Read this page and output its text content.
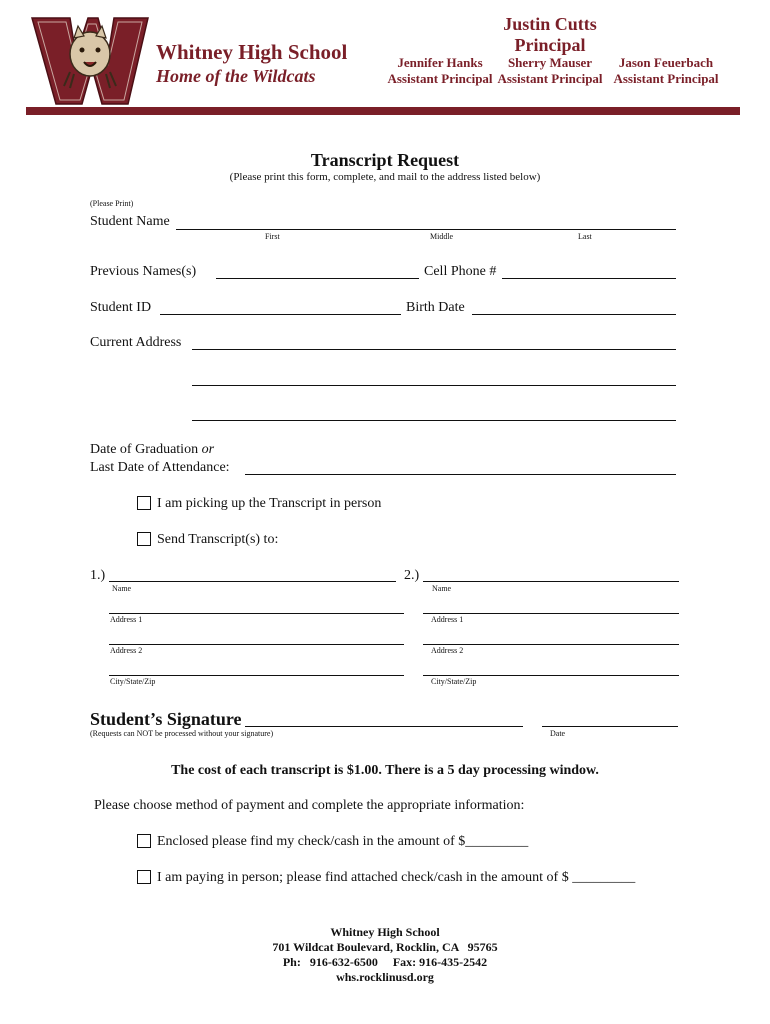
Whitney High School
Home of the Wildcats
Justin Cutts
Principal
Jennifer Hanks
Assistant Principal
Sherry Mauser
Assistant Principal
Jason Feuerbach
Assistant Principal
Transcript Request
(Please print this form, complete, and mail to the address listed below)
(Please Print)
Student Name
First	Middle	Last
Previous Names(s)	Cell Phone #
Student ID	Birth Date
Current Address
Date of Graduation or
Last Date of Attendance:
I am picking up the Transcript in person
Send Transcript(s) to:
1.)
Name
Address 1
Address 2
City/State/Zip
2.)
Name
Address 1
Address 2
City/State/Zip
Student’s Signature
(Requests can NOT be processed without your signature)	Date
The cost of each transcript is $1.00. There is a 5 day processing window.
Please choose method of payment and complete the appropriate information:
Enclosed please find my check/cash in the amount of $_________
I am paying in person; please find attached check/cash in the amount of $ _________
Whitney High School
701 Wildcat Boulevard, Rocklin, CA   95765
Ph:   916-632-6500     Fax: 916-435-2542
whs.rocklinusd.org
